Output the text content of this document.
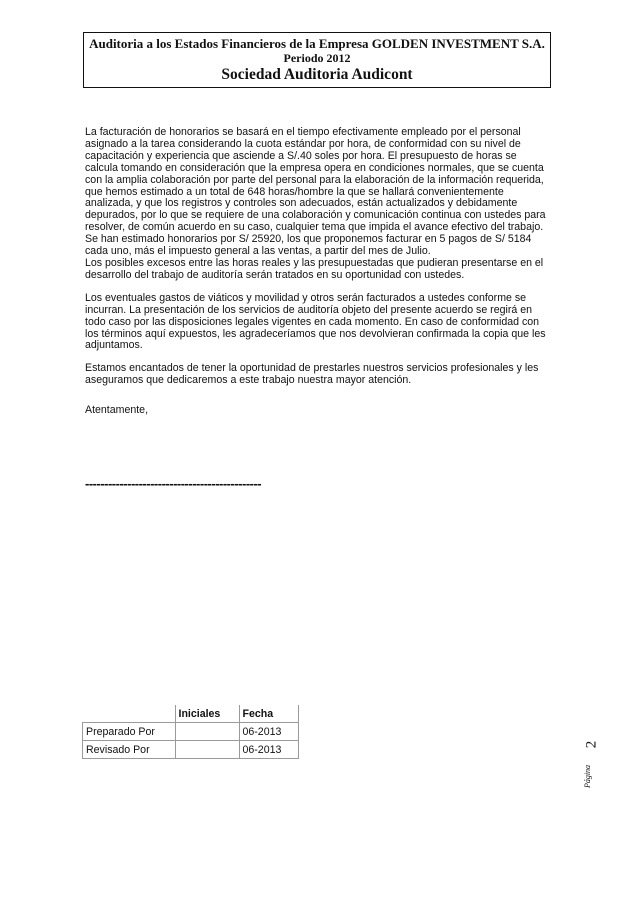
Auditoria a los Estados Financieros de la Empresa GOLDEN INVESTMENT S.A.
Periodo 2012
Sociedad Auditoria Audicont

La facturación de honorarios se basará en el tiempo efectivamente empleado por el personal
asignado a la tarea considerando la cuota estándar por hora, de conformidad con su nivel de
capacitación y experiencia que asciende a S/.40 soles por hora. El presupuesto de horas se
calcula tomando en consideración que la empresa opera en condiciones normales, que se cuenta
con la amplia colaboración por parte del personal para la elaboración de la información requerida,
que hemos estimado a un total de 648 horas/hombre la que se hallará convenientemente
analizada, y que los registros y controles son adecuados, están actualizados y debidamente
depurados, por lo que se requiere de una colaboración y comunicación continua con ustedes para
resolver, de común acuerdo en su caso, cualquier tema que impida el avance efectivo del trabajo.
Se han estimado honorarios por S/ 25920, los que proponemos facturar en 5 pagos de S/ 5184
cada uno, más el impuesto general a las ventas, a partir del mes de Julio.
Los posibles excesos entre las horas reales y las presupuestadas que pudieran presentarse en el
desarrollo del trabajo de auditoría serán tratados en su oportunidad con ustedes.

Los eventuales gastos de viáticos y movilidad y otros serán facturados a ustedes conforme se
incurran. La presentación de los servicios de auditoría objeto del presente acuerdo se regirá en
todo caso por las disposiciones legales vigentes en cada momento. En caso de conformidad con
los términos aquí expuestos, les agradeceríamos que nos devolvieran confirmada la copia que les
adjuntamos.

Estamos encantados de tener la oportunidad de prestarles nuestros servicios profesionales y les
aseguramos que dedicaremos a este trabajo nuestra mayor atención.

Atentamente,
----------------------------------------------
	Iniciales	Fecha
Preparado Por		06-2013
Revisado Por		06-2013	2
Página
